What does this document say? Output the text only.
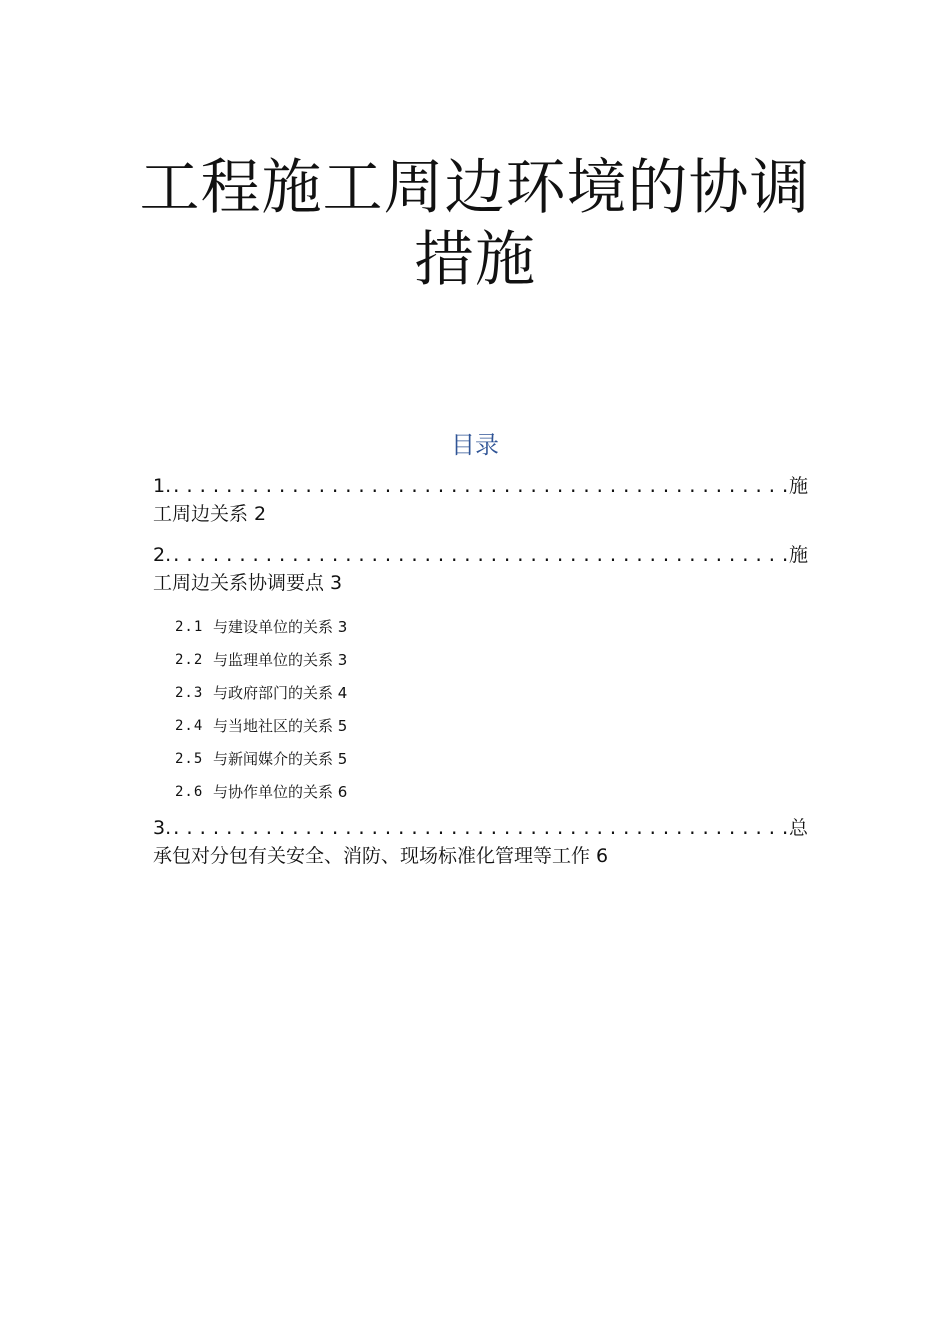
工程施工周边环境的协调
措施
目录
1. .....	施
工周边关系 2
2. .....	施
工周边关系协调要点 3
2.1 与建设单位的关系 3
2.2 与监理单位的关系 3
2.3 与政府部门的关系 4
2.4 与当地社区的关系 5
2.5 与新闻媒介的关系 5
2.6 与协作单位的关系 6
3. .....	总
承包对分包有关安全、消防、现场标准化管理等工作 6
